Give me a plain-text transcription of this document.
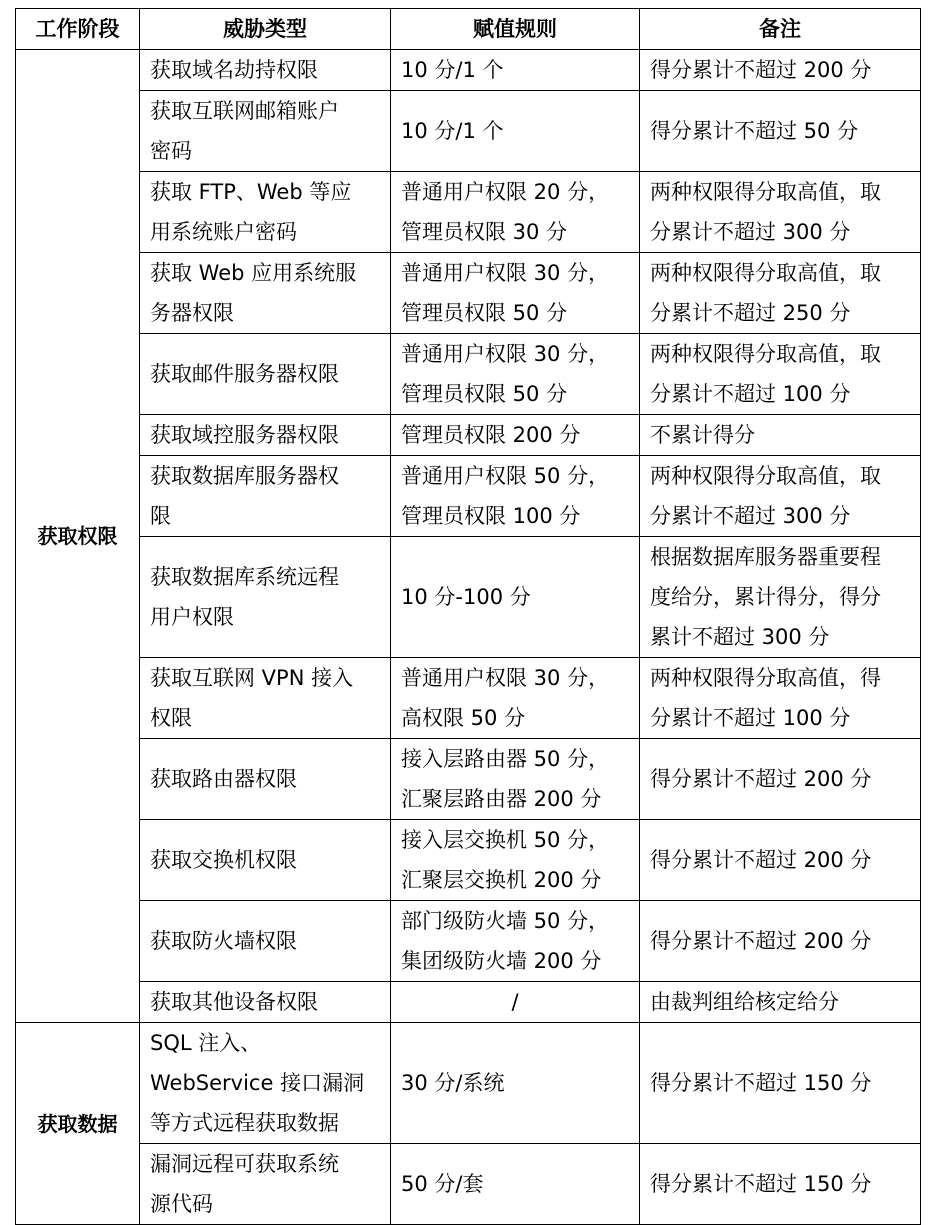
工作阶段	威胁类型	赋值规则	备注
获取权限	获取域名劫持权限	10 分/1 个	得分累计不超过 200 分

	获取互联网邮箱账户
密码	10 分/1 个	得分累计不超过 50 分

	获取 FTP、Web 等应
用系统账户密码	普通用户权限 20 分，
管理员权限 30 分	两种权限得分取高值，取
分累计不超过 300 分

	获取 Web 应用系统服
务器权限	普通用户权限 30 分，
管理员权限 50 分	两种权限得分取高值，取
分累计不超过 250 分

	获取邮件服务器权限	普通用户权限 30 分，
管理员权限 50 分	两种权限得分取高值，取
分累计不超过 100 分

	获取域控服务器权限	管理员权限 200 分	不累计得分

	获取数据库服务器权
限	普通用户权限 50 分，
管理员权限 100 分	两种权限得分取高值，取
分累计不超过 300 分

	获取数据库系统远程
用户权限	10 分-100 分	根据数据库服务器重要程
度给分，累计得分，得分
累计不超过 300 分

	获取互联网 VPN 接入
权限	普通用户权限 30 分，
高权限 50 分	两种权限得分取高值，得
分累计不超过 100 分

	获取路由器权限	接入层路由器 50 分，
汇聚层路由器 200 分	得分累计不超过 200 分

	获取交换机权限	接入层交换机 50 分，
汇聚层交换机 200 分	得分累计不超过 200 分

	获取防火墙权限	部门级防火墙 50 分，
集团级防火墙 200 分	得分累计不超过 200 分

	获取其他设备权限	/	由裁判组给核定给分

获取数据	SQL 注入、
WebService 接口漏洞
等方式远程获取数据	30 分/系统	得分累计不超过 150 分

	漏洞远程可获取系统
源代码	50 分/套	得分累计不超过 150 分
